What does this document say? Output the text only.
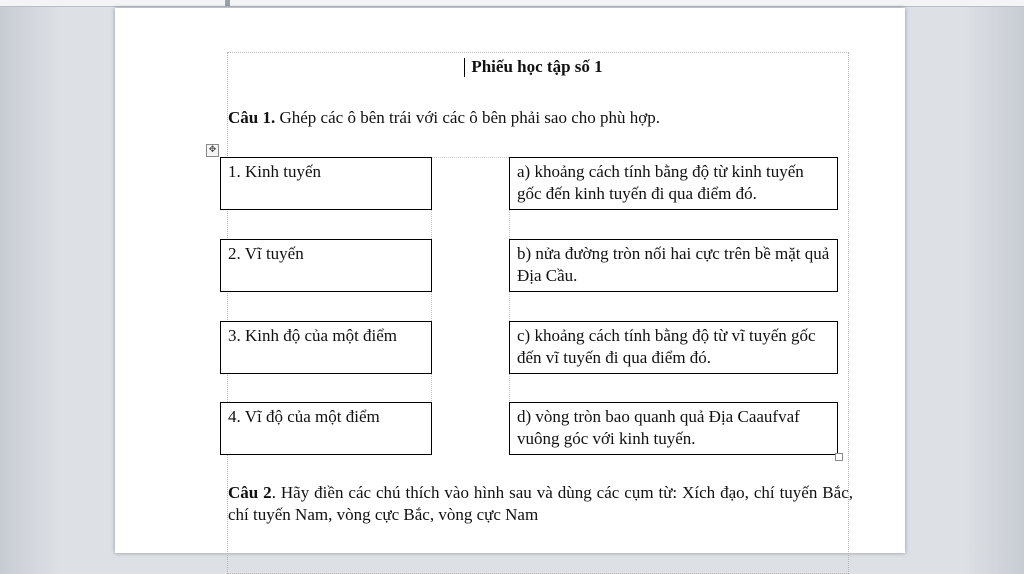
Phiếu học tập số 1
Câu 1. Ghép các ô bên trái với các ô bên phải sao cho phù hợp.
✥
1. Kinh tuyến	a) khoảng cách tính bằng độ từ kinh tuyến gốc đến kinh tuyến đi qua điểm đó.
2. Vĩ tuyến	b) nửa đường tròn nối hai cực trên bề mặt quả Địa Cầu.
3. Kinh độ của một điểm	c) khoảng cách tính bằng độ từ vĩ tuyến gốc đến vĩ tuyến đi qua điểm đó.
4. Vĩ độ của một điểm	d) vòng tròn bao quanh quả Địa Caaufvaf vuông góc với kinh tuyến.
Câu 2. Hãy điền các chú thích vào hình sau và dùng các cụm từ: Xích đạo, chí tuyến Bắc, chí tuyến Nam, vòng cực Bắc, vòng cực Nam
